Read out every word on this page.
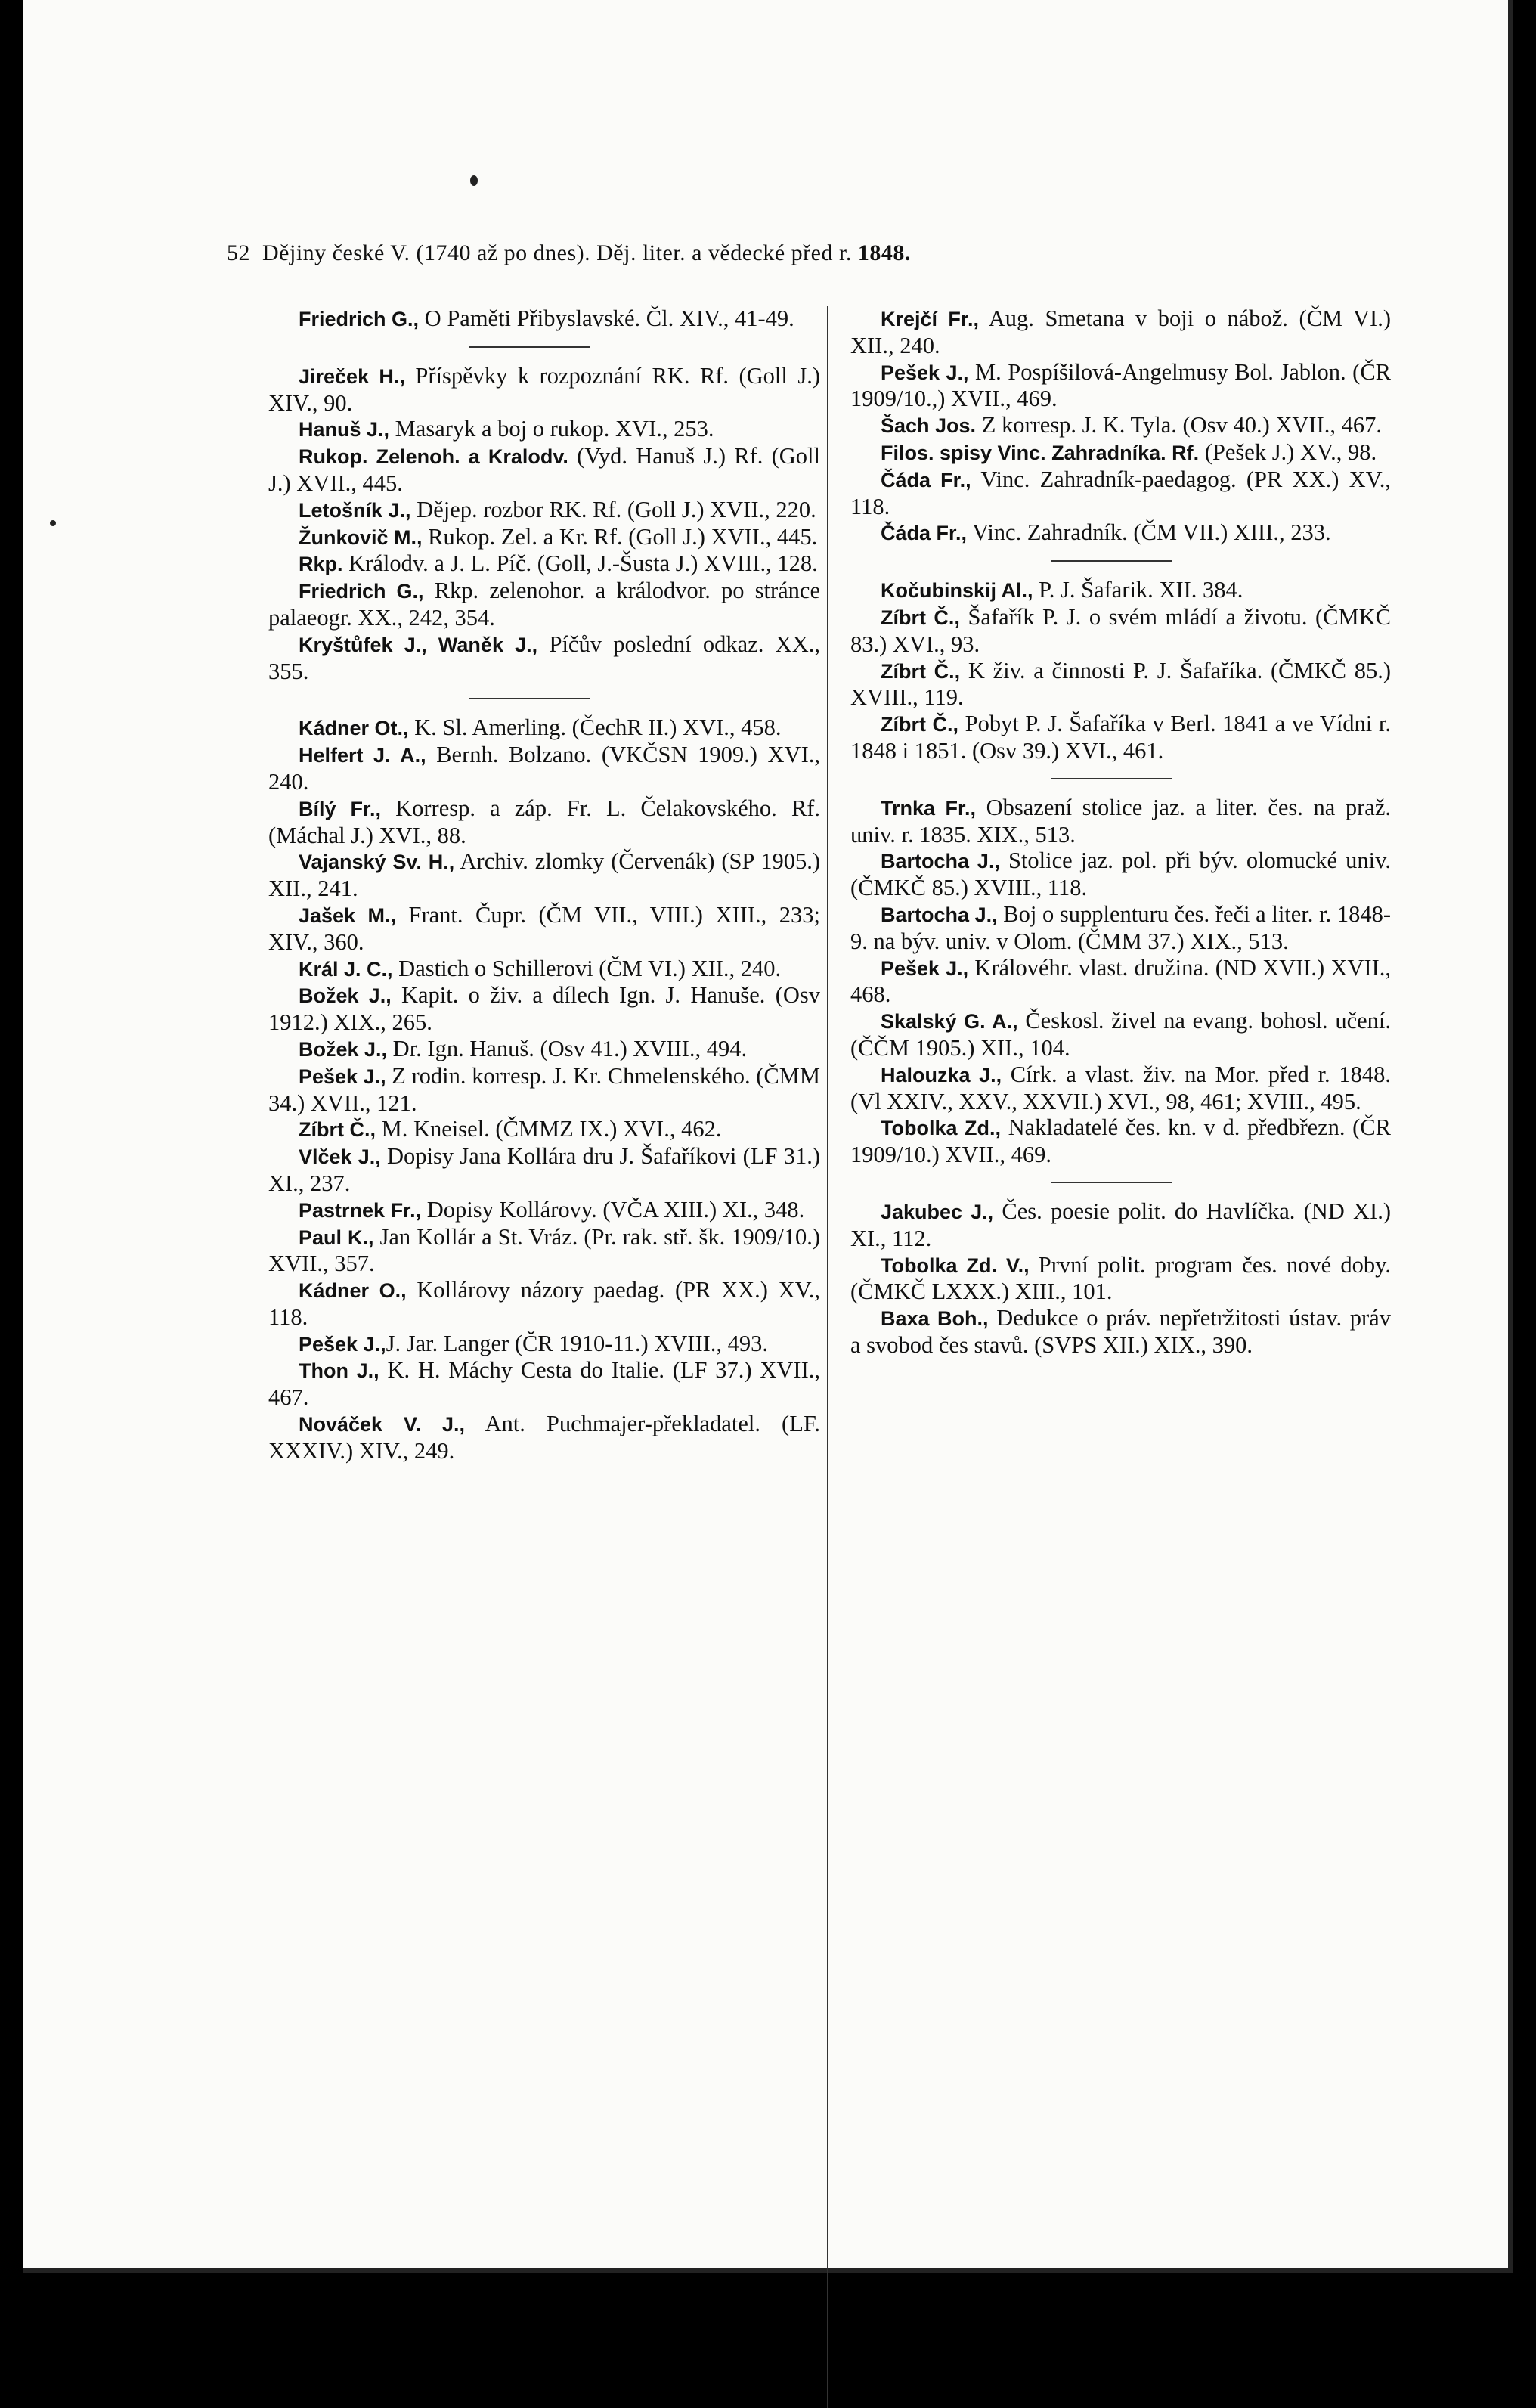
52 Dějiny české V. (1740 až po dnes). Děj. liter. a vědecké před r. 1848.

Friedrich G., O Paměti Přibyslavské. Čl. XIV., 41-49.

Jireček H., Příspěvky k rozpoznání RK. Rf. (Goll J.) XIV., 90.

Hanuš J., Masaryk a boj o rukop. XVI., 253.

Rukop. Zelenoh. a Kralodv. (Vyd. Hanuš J.) Rf. (Goll J.) XVII., 445.

Letošník J., Dějep. rozbor RK. Rf. (Goll J.) XVII., 220.

Žunkovič M., Rukop. Zel. a Kr. Rf. (Goll J.) XVII., 445.

Rkp. Králodv. a J. L. Píč. (Goll, J.-Šusta J.) XVIII., 128.

Friedrich G., Rkp. zelenohor. a králodvor. po stránce palaeogr. XX., 242, 354.

Kryštůfek J., Waněk J., Píčův poslední odkaz. XX., 355.

Kádner Ot., K. Sl. Amerling. (ČechR II.) XVI., 458.

Helfert J. A., Bernh. Bolzano. (VKČSN 1909.) XVI., 240.

Bílý Fr., Korresp. a záp. Fr. L. Čelakovského. Rf. (Máchal J.) XVI., 88.

Vajanský Sv. H., Archiv. zlomky (Červenák) (SP 1905.) XII., 241.

Jašek M., Frant. Čupr. (ČM VII., VIII.) XIII., 233; XIV., 360.

Král J. C., Dastich o Schillerovi (ČM VI.) XII., 240.

Božek J., Kapit. o živ. a dílech Ign. J. Hanuše. (Osv 1912.) XIX., 265.

Božek J., Dr. Ign. Hanuš. (Osv 41.) XVIII., 494.

Pešek J., Z rodin. korresp. J. Kr. Chmelenského. (ČMM 34.) XVII., 121.

Zíbrt Č., M. Kneisel. (ČMMZ IX.) XVI., 462.

Vlček J., Dopisy Jana Kollára dru J. Šafaříkovi (LF 31.) XI., 237.

Pastrnek Fr., Dopisy Kollárovy. (VČA XIII.) XI., 348.

Paul K., Jan Kollár a St. Vráz. (Pr. rak. stř. šk. 1909/10.) XVII., 357.

Kádner O., Kollárovy názory paedag. (PR XX.) XV., 118.

Pešek J.,J. Jar. Langer (ČR 1910-11.) XVIII., 493.

Thon J., K. H. Máchy Cesta do Italie. (LF 37.) XVII., 467.

Nováček V. J., Ant. Puchmajer-překladatel. (LF. XXXIV.) XIV., 249.

Krejčí Fr., Aug. Smetana v boji o nábož. (ČM VI.) XII., 240.

Pešek J., M. Pospíšilová-Angelmusy Bol. Jablon. (ČR 1909/10.,) XVII., 469.

Šach Jos. Z korresp. J. K. Tyla. (Osv 40.) XVII., 467.

Filos. spisy Vinc. Zahradníka. Rf. (Pešek J.) XV., 98.

Čáda Fr., Vinc. Zahradník-paedagog. (PR XX.) XV., 118.

Čáda Fr., Vinc. Zahradník. (ČM VII.) XIII., 233.

Kočubinskij Al., P. J. Šafarik. XII. 384.

Zíbrt Č., Šafařík P. J. o svém mládí a životu. (ČMKČ 83.) XVI., 93.

Zíbrt Č., K živ. a činnosti P. J. Šafaříka. (ČMKČ 85.) XVIII., 119.

Zíbrt Č., Pobyt P. J. Šafaříka v Berl. 1841 a ve Vídni r. 1848 i 1851. (Osv 39.) XVI., 461.

Trnka Fr., Obsazení stolice jaz. a liter. čes. na praž. univ. r. 1835. XIX., 513.

Bartocha J., Stolice jaz. pol. při býv. olomucké univ. (ČMKČ 85.) XVIII., 118.

Bartocha J., Boj o supplenturu čes. řeči a liter. r. 1848-9. na býv. univ. v Olom. (ČMM 37.) XIX., 513.

Pešek J., Královéhr. vlast. družina. (ND XVII.) XVII., 468.

Skalský G. A., Českosl. živel na evang. bohosl. učení. (ČČM 1905.) XII., 104.

Halouzka J., Círk. a vlast. živ. na Mor. před r. 1848. (Vl XXIV., XXV., XXVII.) XVI., 98, 461; XVIII., 495.

Tobolka Zd., Nakladatelé čes. kn. v d. předbřezn. (ČR 1909/10.) XVII., 469.

Jakubec J., Čes. poesie polit. do Havlíčka. (ND XI.) XI., 112.

Tobolka Zd. V., První polit. program čes. nové doby. (ČMKČ LXXX.) XIII., 101.

Baxa Boh., Dedukce o práv. nepřetržitosti ústav. práv a svobod čes stavů. (SVPS XII.) XIX., 390.
